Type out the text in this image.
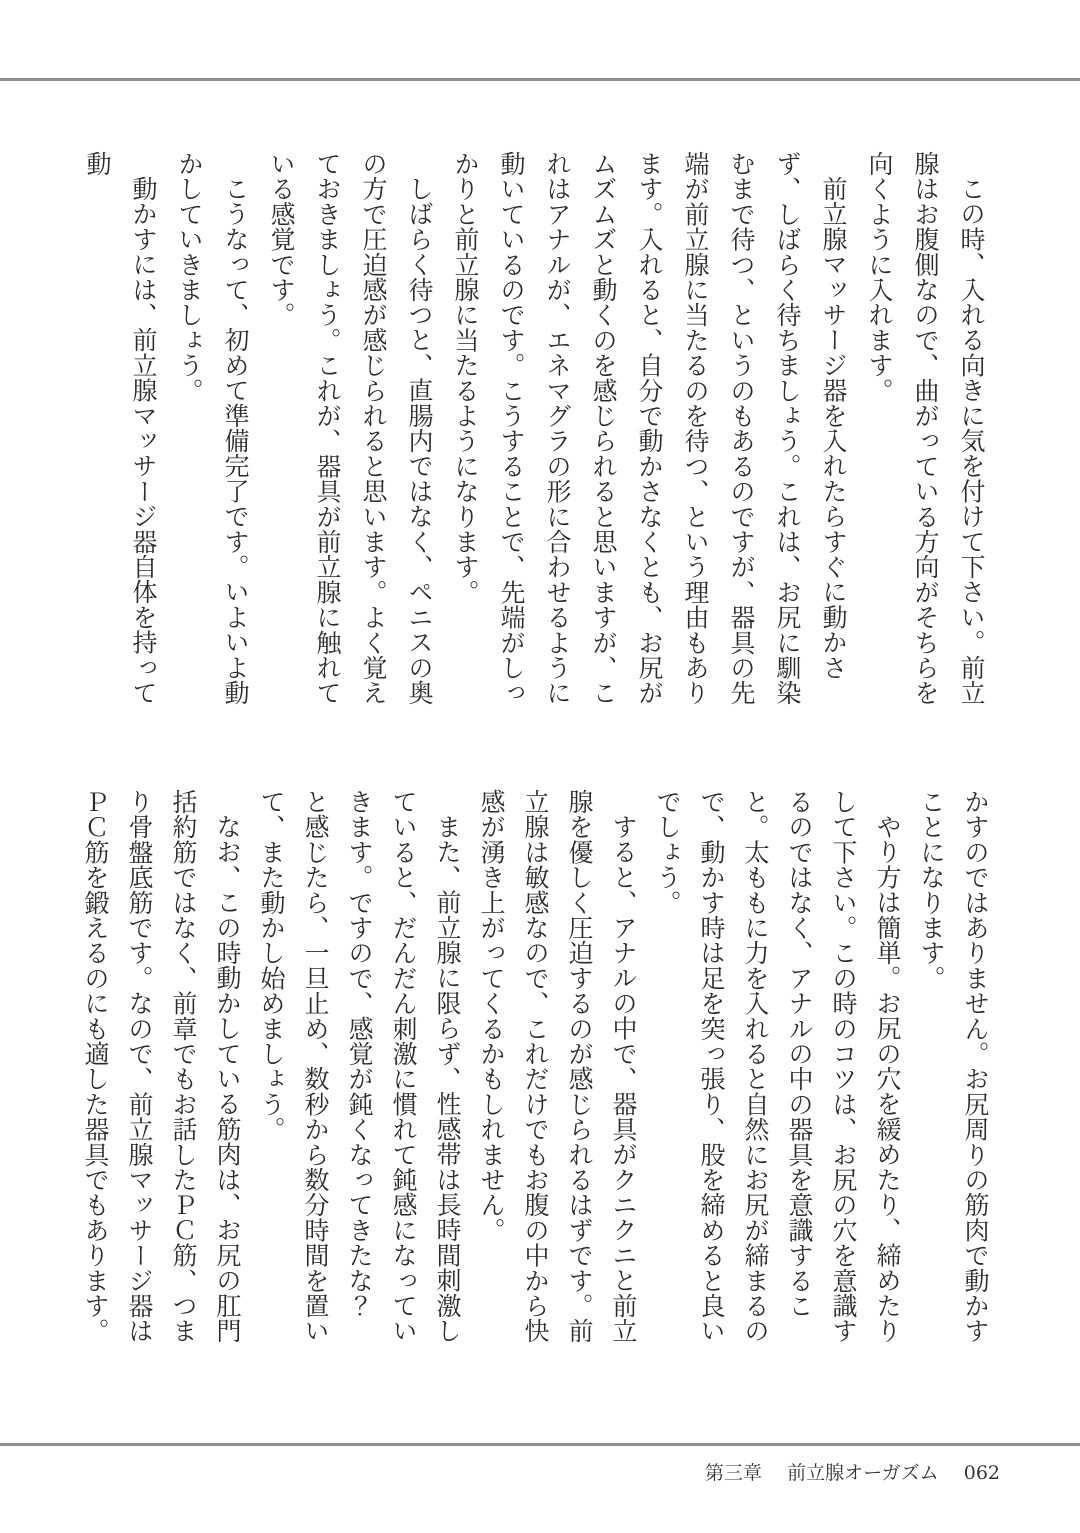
この時、入れる向きに気を付けて下さい。前立腺はお腹側なので、曲がっている方向がそちらを向くように入れます。

前立腺マッサージ器を入れたらすぐに動かさず、しばらく待ちましょう。これは、お尻に馴染むまで待つ、というのもあるのですが、器具の先端が前立腺に当たるのを待つ、という理由もあります。入れると、自分で動かさなくとも、お尻がムズムズと動くのを感じられると思いますが、これはアナルが、エネマグラの形に合わせるように動いているのです。こうすることで、先端がしっかりと前立腺に当たるようになります。

しばらく待つと、直腸内ではなく、ペニスの奥の方で圧迫感が感じられると思います。よく覚えておきましょう。これが、器具が前立腺に触れている感覚です。

こうなって、初めて準備完了です。いよいよ動かしていきましょう。

動かすには、前立腺マッサージ器自体を持って動

かすのではありません。お尻周りの筋肉で動かすことになります。

やり方は簡単。お尻の穴を緩めたり、締めたりして下さい。この時のコツは、お尻の穴を意識するのではなく、アナルの中の器具を意識すること。太ももに力を入れると自然にお尻が締まるので、動かす時は足を突っ張り、股を締めると良いでしょう。

すると、アナルの中で、器具がクニクニと前立腺を優しく圧迫するのが感じられるはずです。前立腺は敏感なので、これだけでもお腹の中から快感が湧き上がってくるかもしれません。

また、前立腺に限らず、性感帯は長時間刺激していると、だんだん刺激に慣れて鈍感になっていきます。ですので、感覚が鈍くなってきたな？　と感じたら、一旦止め、数秒から数分時間を置いて、また動かし始めましょう。

なお、この時動かしている筋肉は、お尻の肛門括約筋ではなく、前章でもお話したＰＣ筋、つまり骨盤底筋です。なので、前立腺マッサージ器はＰＣ筋を鍛えるのにも適した器具でもあります。

第三章 前立腺オーガズム 062
